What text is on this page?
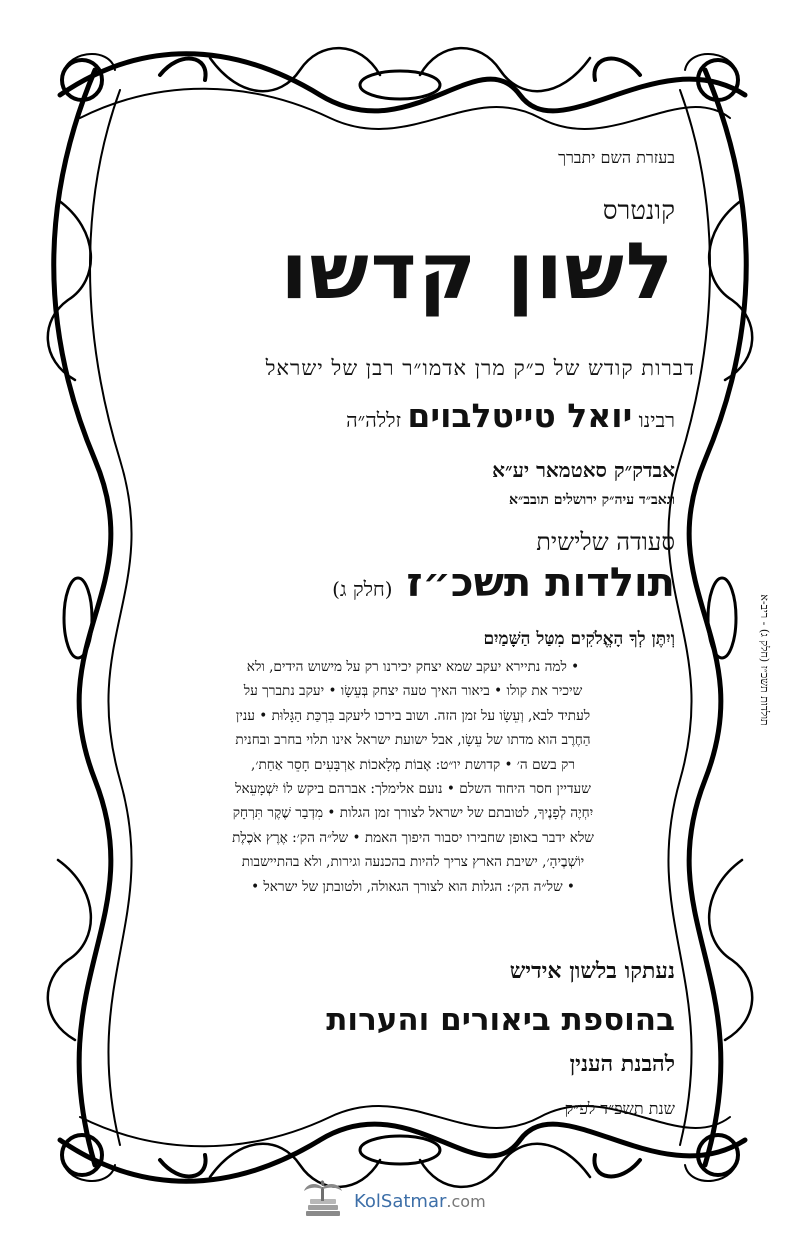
בעזרת השם יתברך
קונטרס
לשון קדשו
דברות קודש של כ״ק מרן אדמו״ר רבן של ישראל
רבינו יואל טייטלבוים זללה״ה
אבדק״ק סאטמאר יע״א
וגאב״ד עיה״ק ירושלים תובב״א
סעודה שלישית
תולדות תשכ״ז (חלק ג)
וְיִתֶּן לְךָ הָאֱלֹקִים מִטַּל הַשָּׁמַיִם
• למה נתיירא יעקב שמא יצחק יכירנו רק על מישוש הידים, ולא
שיכיר את קולו • ביאור האיך טעה יצחק בְּעֵשָׂו • יעקב נתברך על
לעתיד לבא, וְעֵשָׂו על זמן הזה. ושוב בירכו ליעקב בִּרְכַּת הַגָּלוּת • ענין
הַחֶרֶב הוא מדתו של עֵשָׂו, אבל ישועת ישראל אינו תלוי בחרב ובחנית
רק בשם ה׳ • קדושת יו״ט: אָבוֹת מְלָאכוֹת אַרְבָּעִים חָסֵר אַחַת׳,
שעדיין חסר היחוד השלם • נועם אלימלך: אברהם ביקש לוֹ יִשְׁמָעֵאל
יִחְיֶה לְפָנֶיךָ, לטובתם של ישראל לצורך זמן הגלות • מִדְבַר שֶׁקֶר תִּרְחָק
שלא ידבר באופן שחבירו יסבור היפוך האמת • של״ה הק׳: אֶרֶץ אֹכֶלֶת
יוֹשְׁבֶיהָ׳, ישיבת הארץ צריך להיות בהכנעה וגירות, ולא בהתיישבות
• של״ה הק׳: הגלות הוא לצורך הגאולה, ולטובתן של ישראל •
נעתקו בלשון אידיש
בהוספת ביאורים והערות
להבנת הענין
שנת תשפ״ד לפ״ק
תולדות תשכ״ז (חלק ג) - ריב-א
KolSatmar.com
